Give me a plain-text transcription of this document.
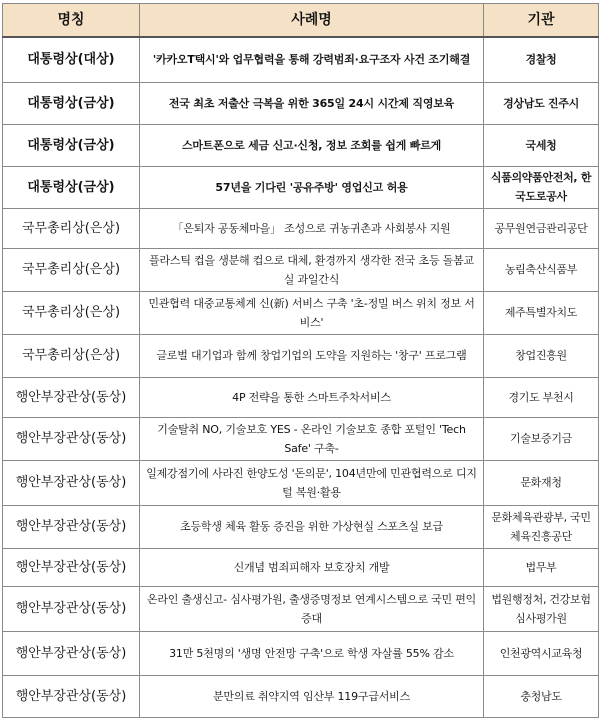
명칭	사례명	기관
대통령상(대상)	'카카오T택시'와 업무협력을 통해 강력범죄·요구조자 사건 조기해결	경찰청
대통령상(금상)	전국 최초 저출산 극복을 위한 365일 24시 시간제 직영보육	경상남도 진주시
대통령상(금상)	스마트폰으로 세금 신고·신청, 정보 조회를 쉽게 빠르게	국세청
대통령상(금상)	57년을 기다린 '공유주방' 영업신고 허용	식품의약품안전처, 한국도로공사
국무총리상(은상)	「은퇴자 공동체마을」 조성으로 귀농귀촌과 사회봉사 지원	공무원연금관리공단
국무총리상(은상)	플라스틱 컵을 생분해 컵으로 대체, 환경까지 생각한 전국 초등 돌봄교실 과일간식	농림축산식품부
국무총리상(은상)	민관협력 대중교통체계 신(新) 서비스 구축 '초-정밀 버스 위치 정보 서비스'	제주특별자치도
국무총리상(은상)	글로벌 대기업과 함께 창업기업의 도약을 지원하는 '창구' 프로그램	창업진흥원
행안부장관상(동상)	4P 전략을 통한 스마트주차서비스	경기도 부천시
행안부장관상(동상)	기술탈취 NO, 기술보호 YES - 온라인 기술보호 종합 포털인 'Tech Safe' 구축-	기술보증기금
행안부장관상(동상)	일제강점기에 사라진 한양도성 '돈의문', 104년만에 민관협력으로 디지털 복원·활용	문화재청
행안부장관상(동상)	초등학생 체육 활동 증진을 위한 가상현실 스포츠실 보급	문화체육관광부, 국민체육진흥공단
행안부장관상(동상)	신개념 범죄피해자 보호장치 개발	법무부
행안부장관상(동상)	온라인 출생신고- 심사평가원, 출생증명정보 연계시스템으로 국민 편익 증대	법원행정처, 건강보험심사평가원
행안부장관상(동상)	31만 5천명의 '생명 안전망 구축'으로 학생 자살률 55% 감소	인천광역시교육청
행안부장관상(동상)	분만의료 취약지역 임산부 119구급서비스	충청남도
